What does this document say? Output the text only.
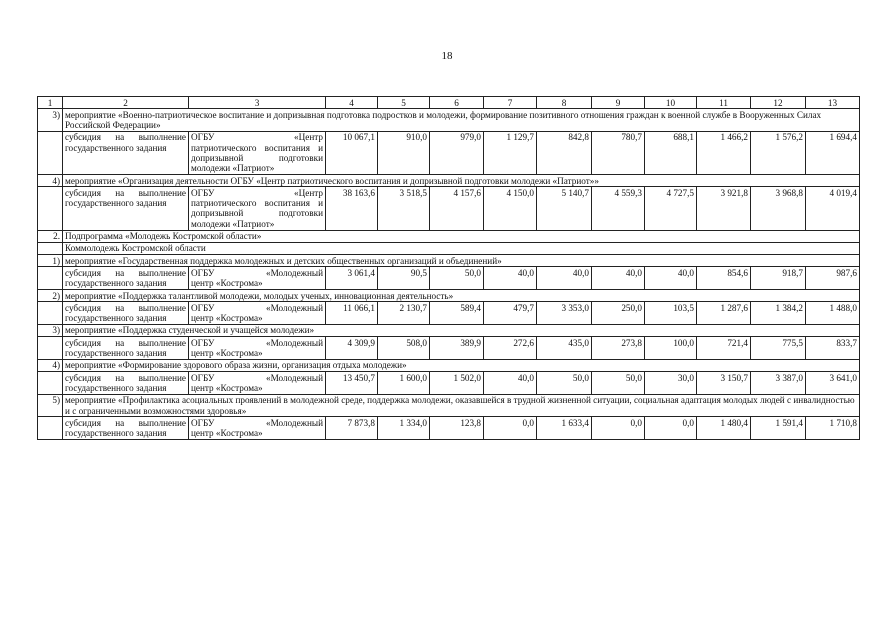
18
1	2	3	4	5	6	7	8	9	10	11	12	13
3)	мероприятие «Военно-патриотическое воспитание и допризывная подготовка подростков и молодежи, формирование позитивного отношения граждан к военной службе в Вооруженных Силах Российской Федерации»											
	субсидия на выполнение государственного задания	ОГБУ «Центр
патриотического воспитания и допризывной подготовки молодежи «Патриот»	10 067,1	910,0	979,0	1 129,7	842,8	780,7	688,1	1 466,2	1 576,2	1 694,4
4)	мероприятие «Организация деятельности ОГБУ «Центр патриотического воспитания и допризывной подготовки молодежи «Патриот»»											
	субсидия на выполнение государственного задания	ОГБУ «Центр
патриотического воспитания и допризывной подготовки молодежи «Патриот»	38 163,6	3 518,5	4 157,6	4 150,0	5 140,7	4 559,3	4 727,5	3 921,8	3 968,8	4 019,4
2.	Подпрограмма «Молодежь Костромской области»											
	Коммолодежь Костромской области											
1)	мероприятие «Государственная поддержка молодежных и детских общественных организаций и объединений»											
	субсидия на выполнение государственного задания	ОГБУ «Молодежный
центр «Кострома»	3 061,4	90,5	50,0	40,0	40,0	40,0	40,0	854,6	918,7	987,6
2)	мероприятие «Поддержка талантливой молодежи, молодых ученых, инновационная деятельность»											
	субсидия на выполнение государственного задания	ОГБУ «Молодежный
центр «Кострома»	11 066,1	2 130,7	589,4	479,7	3 353,0	250,0	103,5	1 287,6	1 384,2	1 488,0
3)	мероприятие «Поддержка студенческой и учащейся молодежи»											
	субсидия на выполнение государственного задания	ОГБУ «Молодежный
центр «Кострома»	4 309,9	508,0	389,9	272,6	435,0	273,8	100,0	721,4	775,5	833,7
4)	мероприятие «Формирование здорового образа жизни, организация отдыха молодежи»											
	субсидия на выполнение государственного задания	ОГБУ «Молодежный
центр «Кострома»	13 450,7	1 600,0	1 502,0	40,0	50,0	50,0	30,0	3 150,7	3 387,0	3 641,0
5)	мероприятие «Профилактика асоциальных проявлений в молодежной среде, поддержка молодежи, оказавшейся в трудной жизненной ситуации, социальная адаптация молодых людей с инвалидностью и с ограниченными возможностями здоровья»											
	субсидия на выполнение государственного задания	ОГБУ «Молодежный
центр «Кострома»	7 873,8	1 334,0	123,8	0,0	1 633,4	0,0	0,0	1 480,4	1 591,4	1 710,8
